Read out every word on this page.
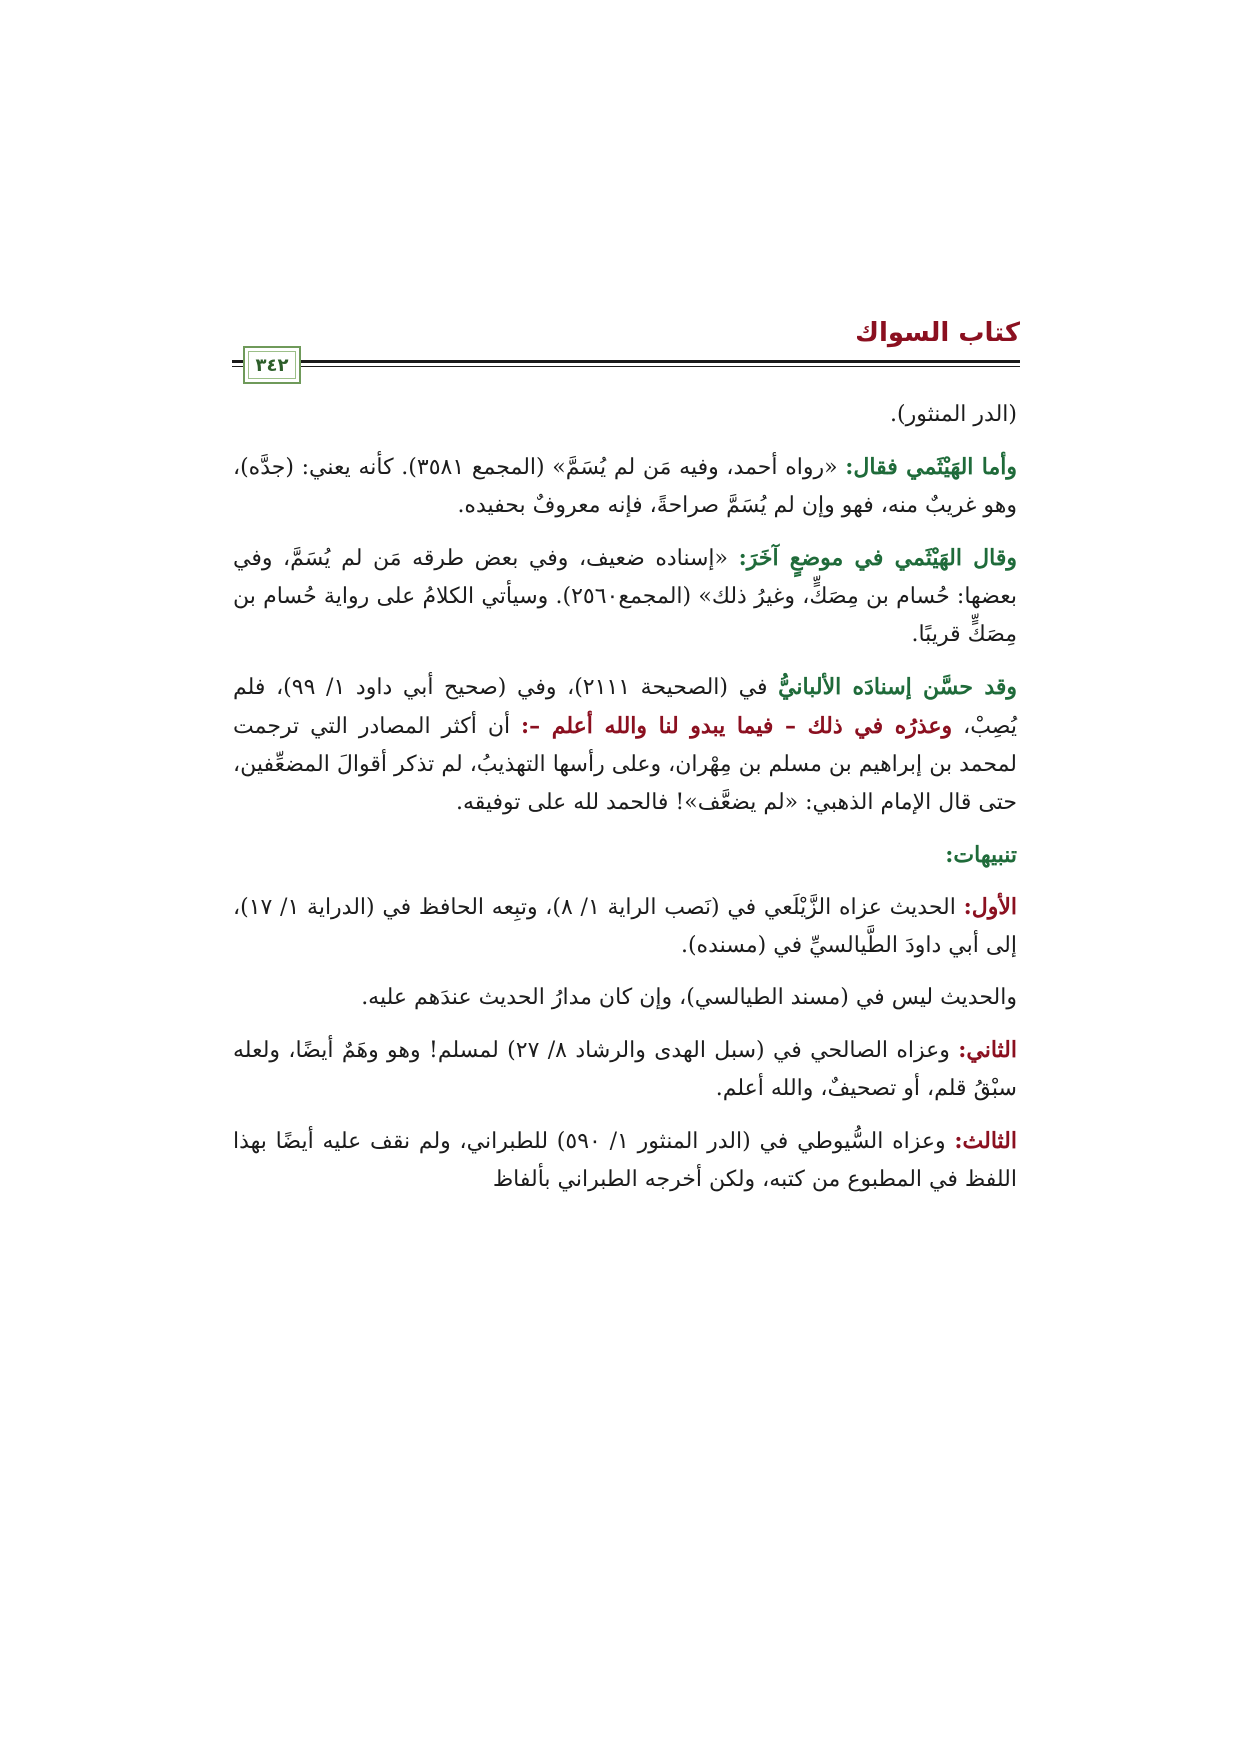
كتاب السواك
٣٤٢

(الدر المنثور).

وأما الهَيْثَمي فقال: «رواه أحمد، وفيه مَن لم يُسَمَّ» (المجمع ٣٥٨١). كأنه يعني: (جدَّه)، وهو غريبٌ منه، فهو وإن لم يُسَمَّ صراحةً، فإنه معروفٌ بحفيده.

وقال الهَيْثَمي في موضعٍ آخَرَ: «إسناده ضعيف، وفي بعض طرقه مَن لم يُسَمَّ، وفي بعضها: حُسام بن مِصَكٍّ، وغيرُ ذلك» (المجمع٢٥٦٠). وسيأتي الكلامُ على رواية حُسام بن مِصَكٍّ قريبًا.

وقد حسَّن إسنادَه الألبانيُّ في (الصحيحة ٢١١١)، وفي (صحيح أبي داود ١/ ٩٩)، فلم يُصِبْ، وعذرُه في ذلك – فيما يبدو لنا والله أعلم –: أن أكثر المصادر التي ترجمت لمحمد بن إبراهيم بن مسلم بن مِهْران، وعلى رأسها التهذيبُ، لم تذكر أقوالَ المضعِّفين، حتى قال الإمام الذهبي: «لم يضعَّف»! فالحمد لله على توفيقه.

تنبيهات:

الأول: الحديث عزاه الزَّيْلَعي في (نَصب الراية ١/ ٨)، وتبِعه الحافظ في (الدراية ١/ ١٧)، إلى أبي داودَ الطَّيالسيِّ في (مسنده).

والحديث ليس في (مسند الطيالسي)، وإن كان مدارُ الحديث عندَهم عليه.

الثاني: وعزاه الصالحي في (سبل الهدى والرشاد ٨/ ٢٧) لمسلم! وهو وهَمٌ أيضًا، ولعله سبْقُ قلم، أو تصحيفٌ، والله أعلم.

الثالث: وعزاه السُّيوطي في (الدر المنثور ١/ ٥٩٠) للطبراني، ولم نقف عليه أيضًا بهذا اللفظ في المطبوع من كتبه، ولكن أخرجه الطبراني بألفاظ
